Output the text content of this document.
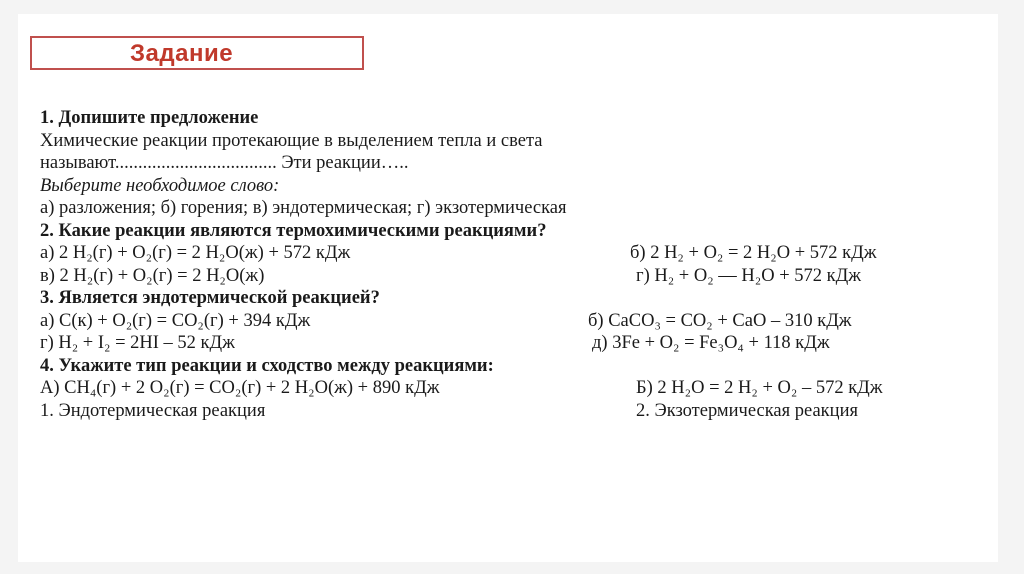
Задание
1. Допишите предложение
Химические реакции протекающие в выделением тепла и света
называют................................... Эти реакции…..
Выберите необходимое слово:
а) разложения; б) горения; в) эндотермическая; г) экзотермическая
2. Какие реакции являются термохимическими реакциями?
а) 2 H₂(г) + O₂(г) = 2 H₂O(ж) + 572 кДж	б) 2 H₂ + O₂ = 2 H₂O + 572 кДж
в) 2 H₂(г) + O₂(г) = 2 H₂O(ж)	г) H₂ + O₂ — H₂O + 572 кДж
3. Является эндотермической реакцией?
а) C(к) + O₂(г) = CO₂(г) + 394 кДж	б) CaCO₃ = CO₂ + CaO – 310 кДж
г) H₂ + I₂ = 2HI – 52 кДж	д) 3Fe + O₂ = Fe₃O₄ + 118 кДж
4. Укажите тип реакции и сходство между реакциями:
А) CH₄(г) + 2 O₂(г) = CO₂(г) + 2 H₂O(ж) + 890 кДж	Б) 2 H₂O = 2 H₂ + O₂ – 572 кДж
1. Эндотермическая реакция	2. Экзотермическая реакция
